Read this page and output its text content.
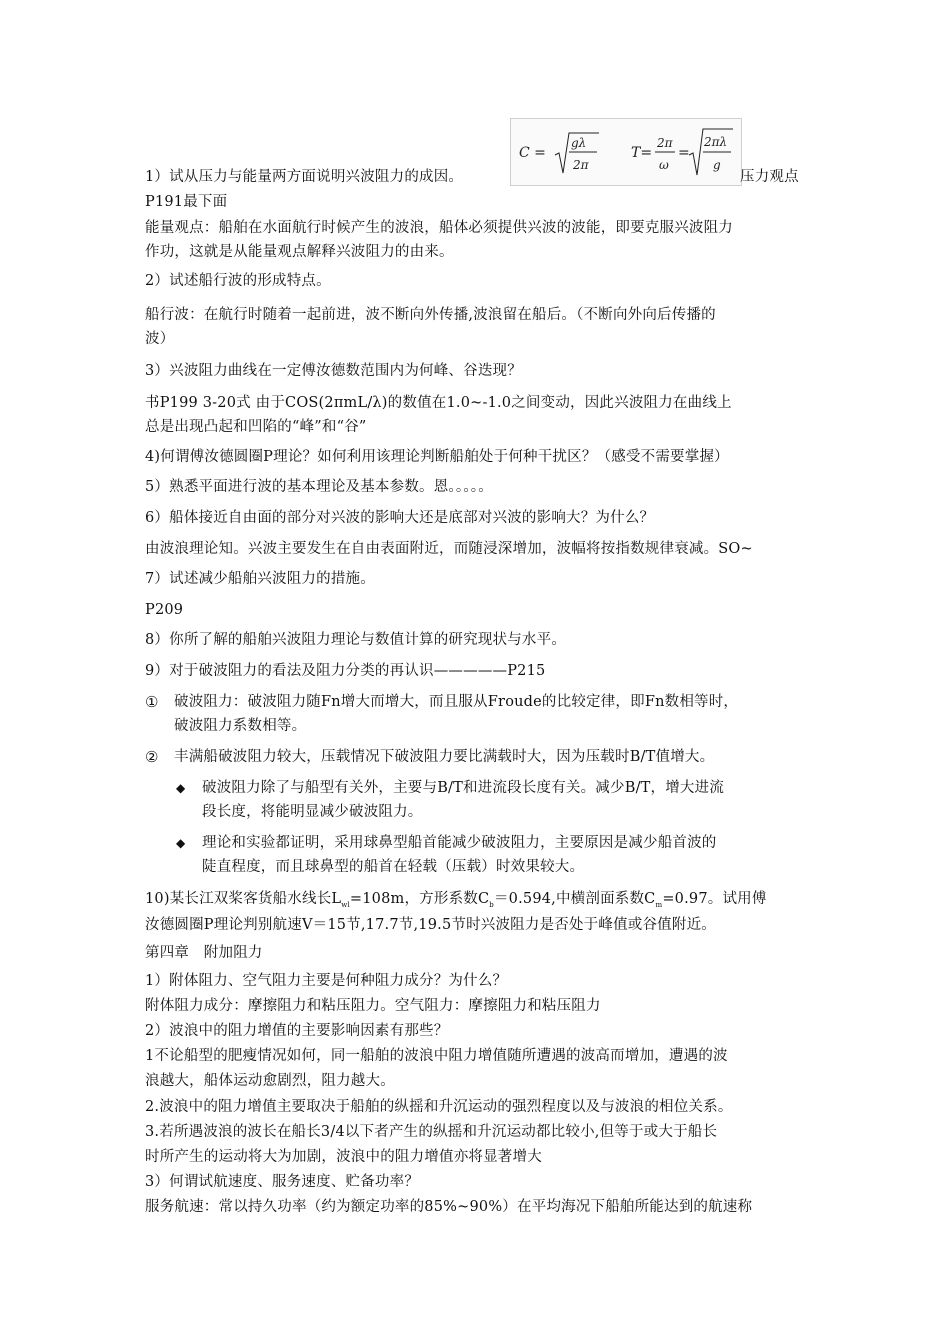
C =
gλ
2π
T=
2π
ω
=
2πλ
g
1）试从压力与能量两方面说明兴波阻力的成因。	压力观点
P191最下面
能量观点：船舶在水面航行时候产生的波浪，船体必须提供兴波的波能，即要克服兴波阻力
作功，这就是从能量观点解释兴波阻力的由来。
2）试述船行波的形成特点。
船行波：在航行时随着一起前进，波不断向外传播,波浪留在船后。（不断向外向后传播的
波）
3）兴波阻力曲线在一定傅汝德数范围内为何峰、谷迭现？
书P199 3-20式 由于COS(2πmL/λ)的数值在1.0~-1.0之间变动，因此兴波阻力在曲线上
总是出现凸起和凹陷的“峰”和“谷”
4)何谓傅汝德圆圈P理论？如何利用该理论判断船舶处于何种干扰区？（感受不需要掌握）
5）熟悉平面进行波的基本理论及基本参数。恩。。。。。
6）船体接近自由面的部分对兴波的影响大还是底部对兴波的影响大？为什么？
由波浪理论知。兴波主要发生在自由表面附近，而随浸深增加，波幅将按指数规律衰减。SO~
7）试述减少船舶兴波阻力的措施。
P209
8）你所了解的船舶兴波阻力理论与数值计算的研究现状与水平。
9）对于破波阻力的看法及阻力分类的再认识—————P215
① 破波阻力：破波阻力随Fn增大而增大，而且服从Froude的比较定律，即Fn数相等时，
破波阻力系数相等。
② 丰满船破波阻力较大，压载情况下破波阻力要比满载时大，因为压载时B/T值增大。
◆ 破波阻力除了与船型有关外，主要与B/T和进流段长度有关。减少B/T，增大进流
段长度，将能明显减少破波阻力。
◆ 理论和实验都证明，采用球鼻型船首能减少破波阻力，主要原因是减少船首波的
陡直程度，而且球鼻型的船首在轻载（压载）时效果较大。
10)某长江双桨客货船水线长$L_{wl}=108m$，方形系数$C_b=0.594$,中横剖面系数$C_m=0.97$。试用傅
汝德圆圈P理论判别航速V＝15节,17.7节,19.5节时兴波阻力是否处于峰值或谷值附近。
第四章　附加阻力
1）附体阻力、空气阻力主要是何种阻力成分？为什么？
附体阻力成分：摩擦阻力和粘压阻力。空气阻力：摩擦阻力和粘压阻力
2）波浪中的阻力增值的主要影响因素有那些？
1不论船型的肥瘦情况如何，同一船舶的波浪中阻力增值随所遭遇的波高而增加，遭遇的波
浪越大，船体运动愈剧烈，阻力越大。
2.波浪中的阻力增值主要取决于船舶的纵摇和升沉运动的强烈程度以及与波浪的相位关系。
3.若所遇波浪的波长在船长3/4以下者产生的纵摇和升沉运动都比较小,但等于或大于船长
时所产生的运动将大为加剧，波浪中的阻力增值亦将显著增大
3）何谓试航速度、服务速度、贮备功率？
服务航速：常以持久功率（约为额定功率的85%~90%）在平均海况下船舶所能达到的航速称
